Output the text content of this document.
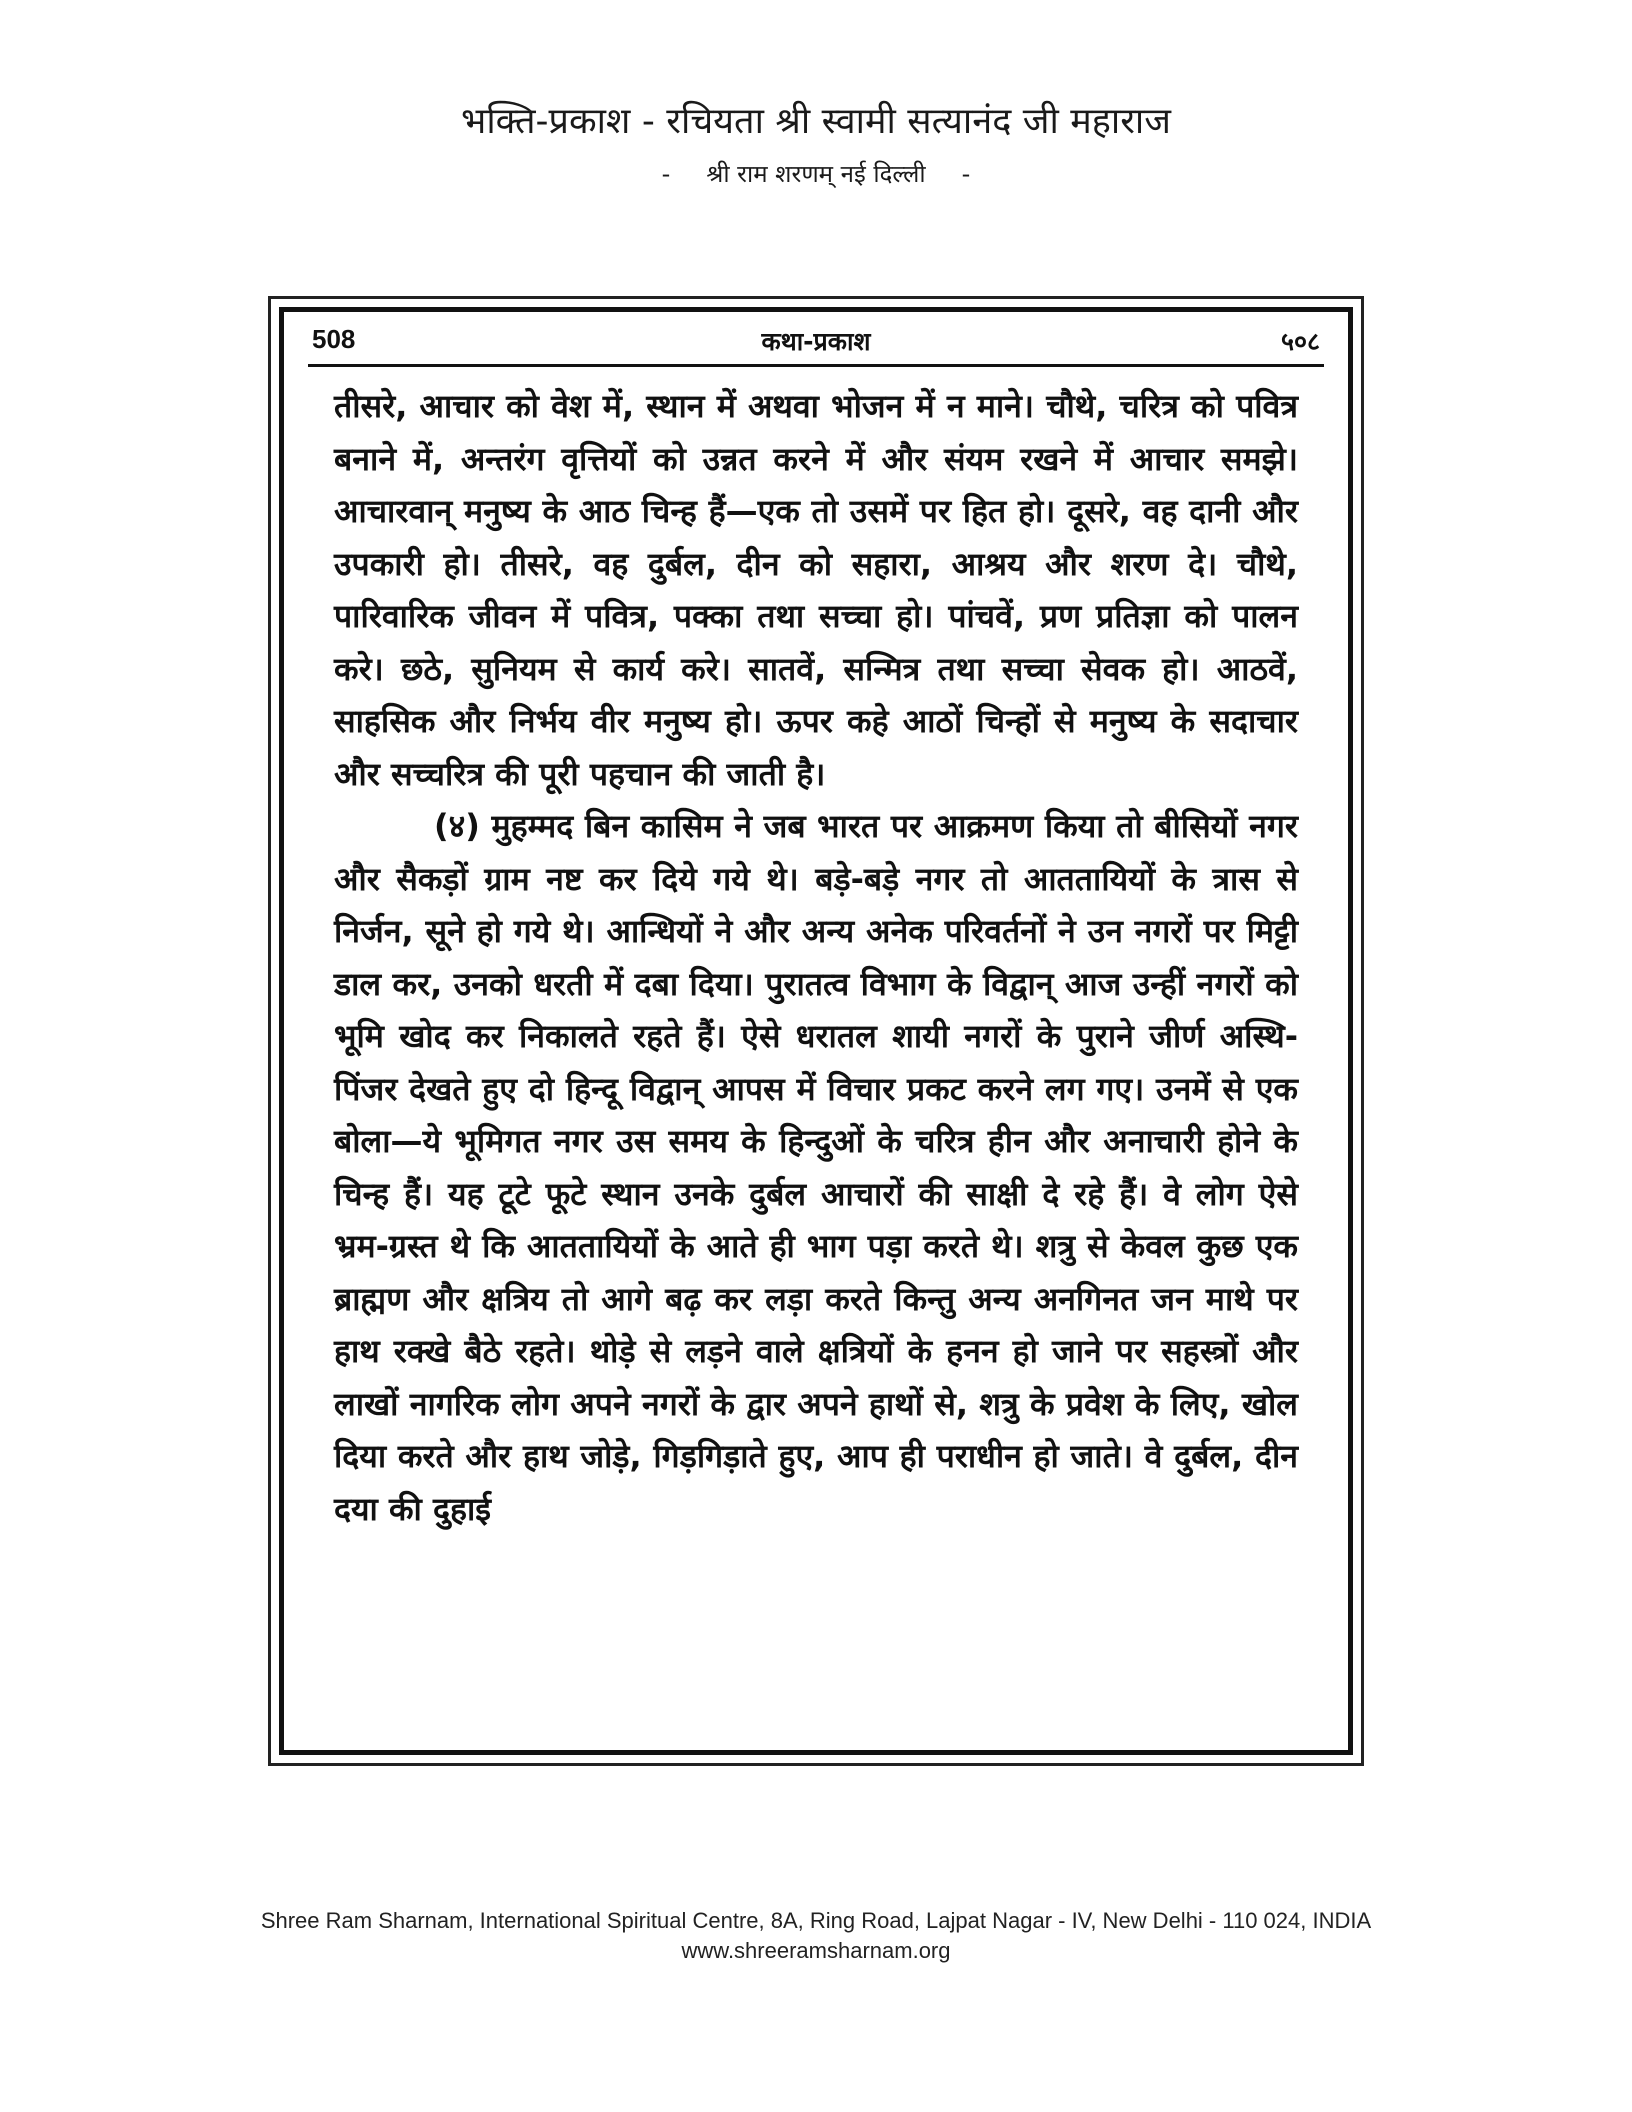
भक्ति-प्रकाश - रचियता श्री स्वामी सत्यानंद जी महाराज
- श्री राम शरणम् नई दिल्ली -
508	कथा-प्रकाश	५०८

तीसरे, आचार को वेश में, स्थान में अथवा भोजन में न माने। चौथे, चरित्र को पवित्र बनाने में, अन्तरंग वृत्तियों को उन्नत करने में और संयम रखने में आचार समझे। आचारवान् मनुष्य के आठ चिन्ह हैं—एक तो उसमें पर हित हो। दूसरे, वह दानी और उपकारी हो। तीसरे, वह दुर्बल, दीन को सहारा, आश्रय और शरण दे। चौथे, पारिवारिक जीवन में पवित्र, पक्का तथा सच्चा हो। पांचवें, प्रण प्रतिज्ञा को पालन करे। छठे, सुनियम से कार्य करे। सातवें, सन्मित्र तथा सच्चा सेवक हो। आठवें, साहसिक और निर्भय वीर मनुष्य हो। ऊपर कहे आठों चिन्हों से मनुष्य के सदाचार और सच्चरित्र की पूरी पहचान की जाती है।

(४) मुहम्मद बिन कासिम ने जब भारत पर आक्रमण किया तो बीसियों नगर और सैकड़ों ग्राम नष्ट कर दिये गये थे। बड़े-बड़े नगर तो आततायियों के त्रास से निर्जन, सूने हो गये थे। आन्धियों ने और अन्य अनेक परिवर्तनों ने उन नगरों पर मिट्टी डाल कर, उनको धरती में दबा दिया। पुरातत्व विभाग के विद्वान् आज उन्हीं नगरों को भूमि खोद कर निकालते रहते हैं। ऐसे धरातल शायी नगरों के पुराने जीर्ण अस्थि-पिंजर देखते हुए दो हिन्दू विद्वान् आपस में विचार प्रकट करने लग गए। उनमें से एक बोला—ये भूमिगत नगर उस समय के हिन्दुओं के चरित्र हीन और अनाचारी होने के चिन्ह हैं। यह टूटे फूटे स्थान उनके दुर्बल आचारों की साक्षी दे रहे हैं। वे लोग ऐसे भ्रम-ग्रस्त थे कि आततायियों के आते ही भाग पड़ा करते थे। शत्रु से केवल कुछ एक ब्राह्मण और क्षत्रिय तो आगे बढ़ कर लड़ा करते किन्तु अन्य अनगिनत जन माथे पर हाथ रक्खे बैठे रहते। थोड़े से लड़ने वाले क्षत्रियों के हनन हो जाने पर सहस्त्रों और लाखों नागरिक लोग अपने नगरों के द्वार अपने हाथों से, शत्रु के प्रवेश के लिए, खोल दिया करते और हाथ जोड़े, गिड़गिड़ाते हुए, आप ही पराधीन हो जाते। वे दुर्बल, दीन दया की दुहाई

Shree Ram Sharnam, International Spiritual Centre, 8A, Ring Road, Lajpat Nagar - IV, New Delhi - 110 024, INDIA
www.shreeramsharnam.org
